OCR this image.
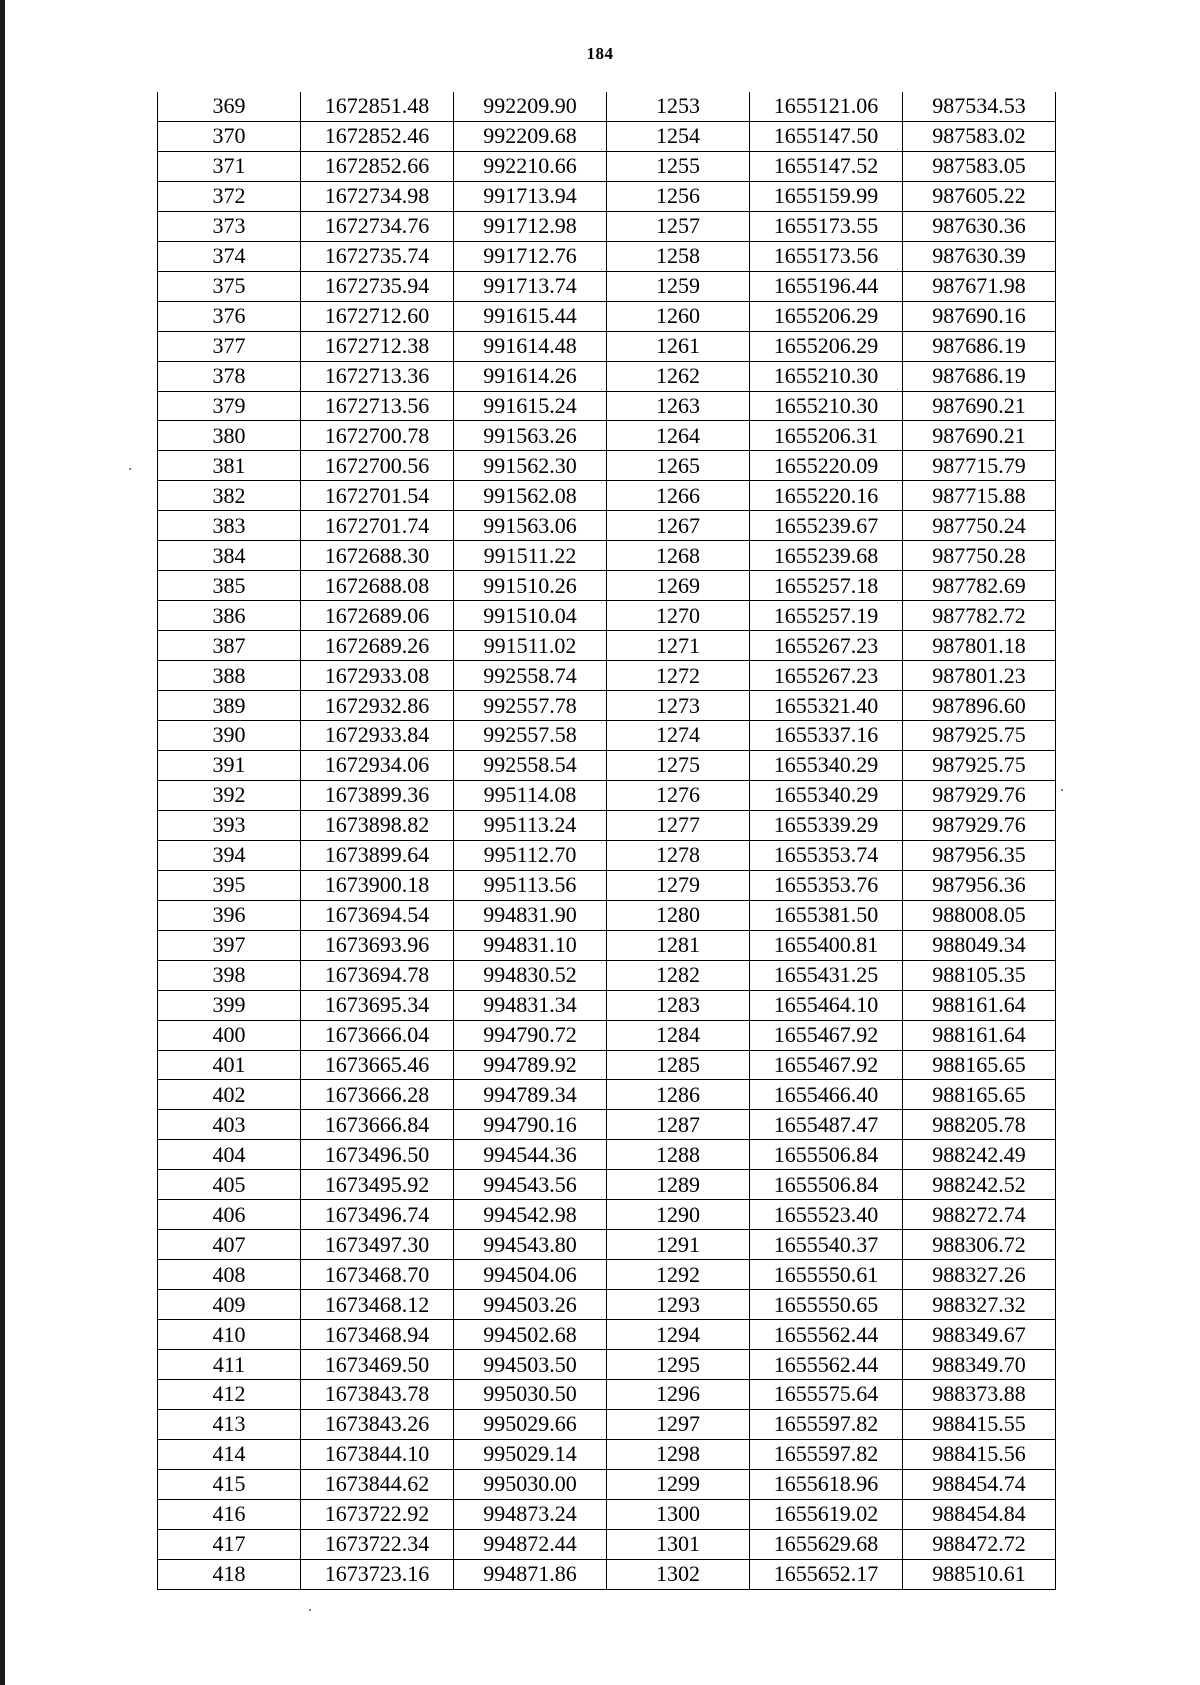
184
369	1672851.48	992209.90	1253	1655121.06	987534.53
370	1672852.46	992209.68	1254	1655147.50	987583.02
371	1672852.66	992210.66	1255	1655147.52	987583.05
372	1672734.98	991713.94	1256	1655159.99	987605.22
373	1672734.76	991712.98	1257	1655173.55	987630.36
374	1672735.74	991712.76	1258	1655173.56	987630.39
375	1672735.94	991713.74	1259	1655196.44	987671.98
376	1672712.60	991615.44	1260	1655206.29	987690.16
377	1672712.38	991614.48	1261	1655206.29	987686.19
378	1672713.36	991614.26	1262	1655210.30	987686.19
379	1672713.56	991615.24	1263	1655210.30	987690.21
380	1672700.78	991563.26	1264	1655206.31	987690.21
381	1672700.56	991562.30	1265	1655220.09	987715.79
382	1672701.54	991562.08	1266	1655220.16	987715.88
383	1672701.74	991563.06	1267	1655239.67	987750.24
384	1672688.30	991511.22	1268	1655239.68	987750.28
385	1672688.08	991510.26	1269	1655257.18	987782.69
386	1672689.06	991510.04	1270	1655257.19	987782.72
387	1672689.26	991511.02	1271	1655267.23	987801.18
388	1672933.08	992558.74	1272	1655267.23	987801.23
389	1672932.86	992557.78	1273	1655321.40	987896.60
390	1672933.84	992557.58	1274	1655337.16	987925.75
391	1672934.06	992558.54	1275	1655340.29	987925.75
392	1673899.36	995114.08	1276	1655340.29	987929.76
393	1673898.82	995113.24	1277	1655339.29	987929.76
394	1673899.64	995112.70	1278	1655353.74	987956.35
395	1673900.18	995113.56	1279	1655353.76	987956.36
396	1673694.54	994831.90	1280	1655381.50	988008.05
397	1673693.96	994831.10	1281	1655400.81	988049.34
398	1673694.78	994830.52	1282	1655431.25	988105.35
399	1673695.34	994831.34	1283	1655464.10	988161.64
400	1673666.04	994790.72	1284	1655467.92	988161.64
401	1673665.46	994789.92	1285	1655467.92	988165.65
402	1673666.28	994789.34	1286	1655466.40	988165.65
403	1673666.84	994790.16	1287	1655487.47	988205.78
404	1673496.50	994544.36	1288	1655506.84	988242.49
405	1673495.92	994543.56	1289	1655506.84	988242.52
406	1673496.74	994542.98	1290	1655523.40	988272.74
407	1673497.30	994543.80	1291	1655540.37	988306.72
408	1673468.70	994504.06	1292	1655550.61	988327.26
409	1673468.12	994503.26	1293	1655550.65	988327.32
410	1673468.94	994502.68	1294	1655562.44	988349.67
411	1673469.50	994503.50	1295	1655562.44	988349.70
412	1673843.78	995030.50	1296	1655575.64	988373.88
413	1673843.26	995029.66	1297	1655597.82	988415.55
414	1673844.10	995029.14	1298	1655597.82	988415.56
415	1673844.62	995030.00	1299	1655618.96	988454.74
416	1673722.92	994873.24	1300	1655619.02	988454.84
417	1673722.34	994872.44	1301	1655629.68	988472.72
418	1673723.16	994871.86	1302	1655652.17	988510.61
